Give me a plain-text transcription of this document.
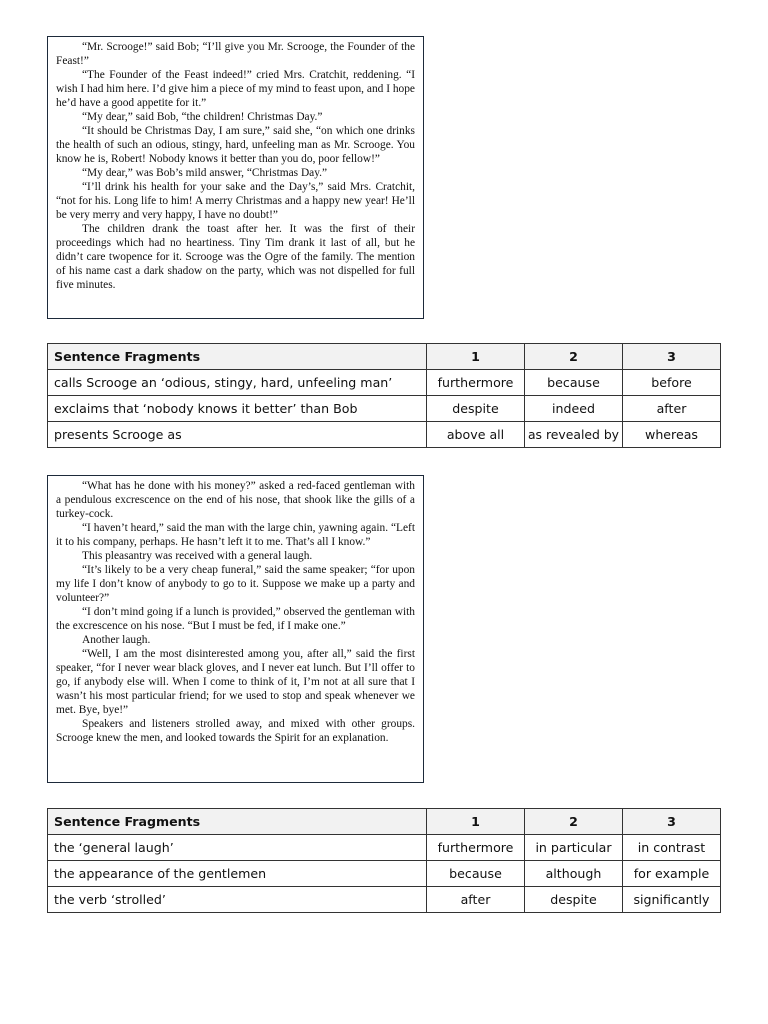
“Mr. Scrooge!” said Bob; “I’ll give you Mr. Scrooge, the Founder of the Feast!”

“The Founder of the Feast indeed!” cried Mrs. Cratchit, reddening. “I wish I had him here. I’d give him a piece of my mind to feast upon, and I hope he’d have a good appetite for it.”

“My dear,” said Bob, “the children! Christmas Day.”

“It should be Christmas Day, I am sure,” said she, “on which one drinks the health of such an odious, stingy, hard, unfeeling man as Mr. Scrooge. You know he is, Robert! Nobody knows it better than you do, poor fellow!”

“My dear,” was Bob’s mild answer, “Christmas Day.”

“I’ll drink his health for your sake and the Day’s,” said Mrs. Cratchit, “not for his. Long life to him! A merry Christmas and a happy new year! He’ll be very merry and very happy, I have no doubt!”

The children drank the toast after her. It was the first of their proceedings which had no heartiness. Tiny Tim drank it last of all, but he didn’t care twopence for it. Scrooge was the Ogre of the family. The mention of his name cast a dark shadow on the party, which was not dispelled for full five minutes.

Sentence Fragments	1	2	3
calls Scrooge an ‘odious, stingy, hard, unfeeling man’	furthermore	because	before
exclaims that ‘nobody knows it better’ than Bob	despite	indeed	after
presents Scrooge as	above all	as revealed by	whereas

“What has he done with his money?” asked a red-faced gentleman with a pendulous excrescence on the end of his nose, that shook like the gills of a turkey-cock.

“I haven’t heard,” said the man with the large chin, yawning again. “Left it to his company, perhaps. He hasn’t left it to me. That’s all I know.”

This pleasantry was received with a general laugh.

“It’s likely to be a very cheap funeral,” said the same speaker; “for upon my life I don’t know of anybody to go to it. Suppose we make up a party and volunteer?”

“I don’t mind going if a lunch is provided,” observed the gentleman with the excrescence on his nose. “But I must be fed, if I make one.”

Another laugh.

“Well, I am the most disinterested among you, after all,” said the first speaker, “for I never wear black gloves, and I never eat lunch. But I’ll offer to go, if anybody else will. When I come to think of it, I’m not at all sure that I wasn’t his most particular friend; for we used to stop and speak whenever we met. Bye, bye!”

Speakers and listeners strolled away, and mixed with other groups. Scrooge knew the men, and looked towards the Spirit for an explanation.

Sentence Fragments	1	2	3
the ‘general laugh’	furthermore	in particular	in contrast
the appearance of the gentlemen	because	although	for example
the verb ‘strolled’	after	despite	significantly
